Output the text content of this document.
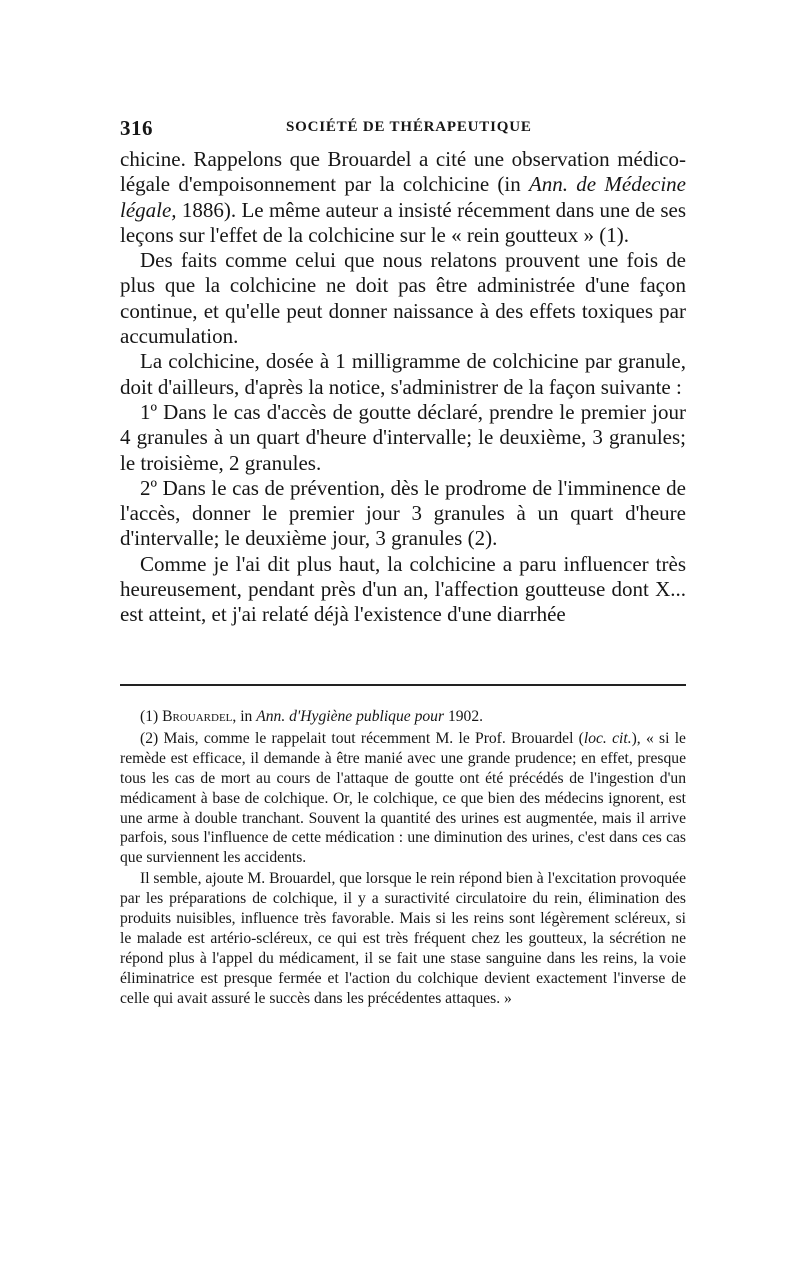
316	SOCIÉTÉ DE THÉRAPEUTIQUE

chicine. Rappelons que Brouardel a cité une observation médico-légale d'empoisonnement par la colchicine (in Ann. de Médecine légale, 1886). Le même auteur a insisté récemment dans une de ses leçons sur l'effet de la colchicine sur le « rein goutteux » (1).

Des faits comme celui que nous relatons prouvent une fois de plus que la colchicine ne doit pas être administrée d'une façon continue, et qu'elle peut donner naissance à des effets toxiques par accumulation.

La colchicine, dosée à 1 milligramme de colchicine par granule, doit d'ailleurs, d'après la notice, s'administrer de la façon suivante :

1º Dans le cas d'accès de goutte déclaré, prendre le premier jour 4 granules à un quart d'heure d'intervalle; le deuxième, 3 granules; le troisième, 2 granules.

2º Dans le cas de prévention, dès le prodrome de l'imminence de l'accès, donner le premier jour 3 granules à un quart d'heure d'intervalle; le deuxième jour, 3 granules (2).

Comme je l'ai dit plus haut, la colchicine a paru influencer très heureusement, pendant près d'un an, l'affection goutteuse dont X... est atteint, et j'ai relaté déjà l'existence d'une diarrhée

(1) Brouardel, in Ann. d'Hygiène publique pour 1902.

(2) Mais, comme le rappelait tout récemment M. le Prof. Brouardel (loc. cit.), « si le remède est efficace, il demande à être manié avec une grande prudence; en effet, presque tous les cas de mort au cours de l'attaque de goutte ont été précédés de l'ingestion d'un médicament à base de colchique. Or, le colchique, ce que bien des médecins ignorent, est une arme à double tranchant. Souvent la quantité des urines est augmentée, mais il arrive parfois, sous l'influence de cette médication : une diminution des urines, c'est dans ces cas que surviennent les accidents.

Il semble, ajoute M. Brouardel, que lorsque le rein répond bien à l'excitation provoquée par les préparations de colchique, il y a suractivité circulatoire du rein, élimination des produits nuisibles, influence très favorable. Mais si les reins sont légèrement scléreux, si le malade est artério-scléreux, ce qui est très fréquent chez les goutteux, la sécrétion ne répond plus à l'appel du médicament, il se fait une stase sanguine dans les reins, la voie éliminatrice est presque fermée et l'action du colchique devient exactement l'inverse de celle qui avait assuré le succès dans les précédentes attaques. »
